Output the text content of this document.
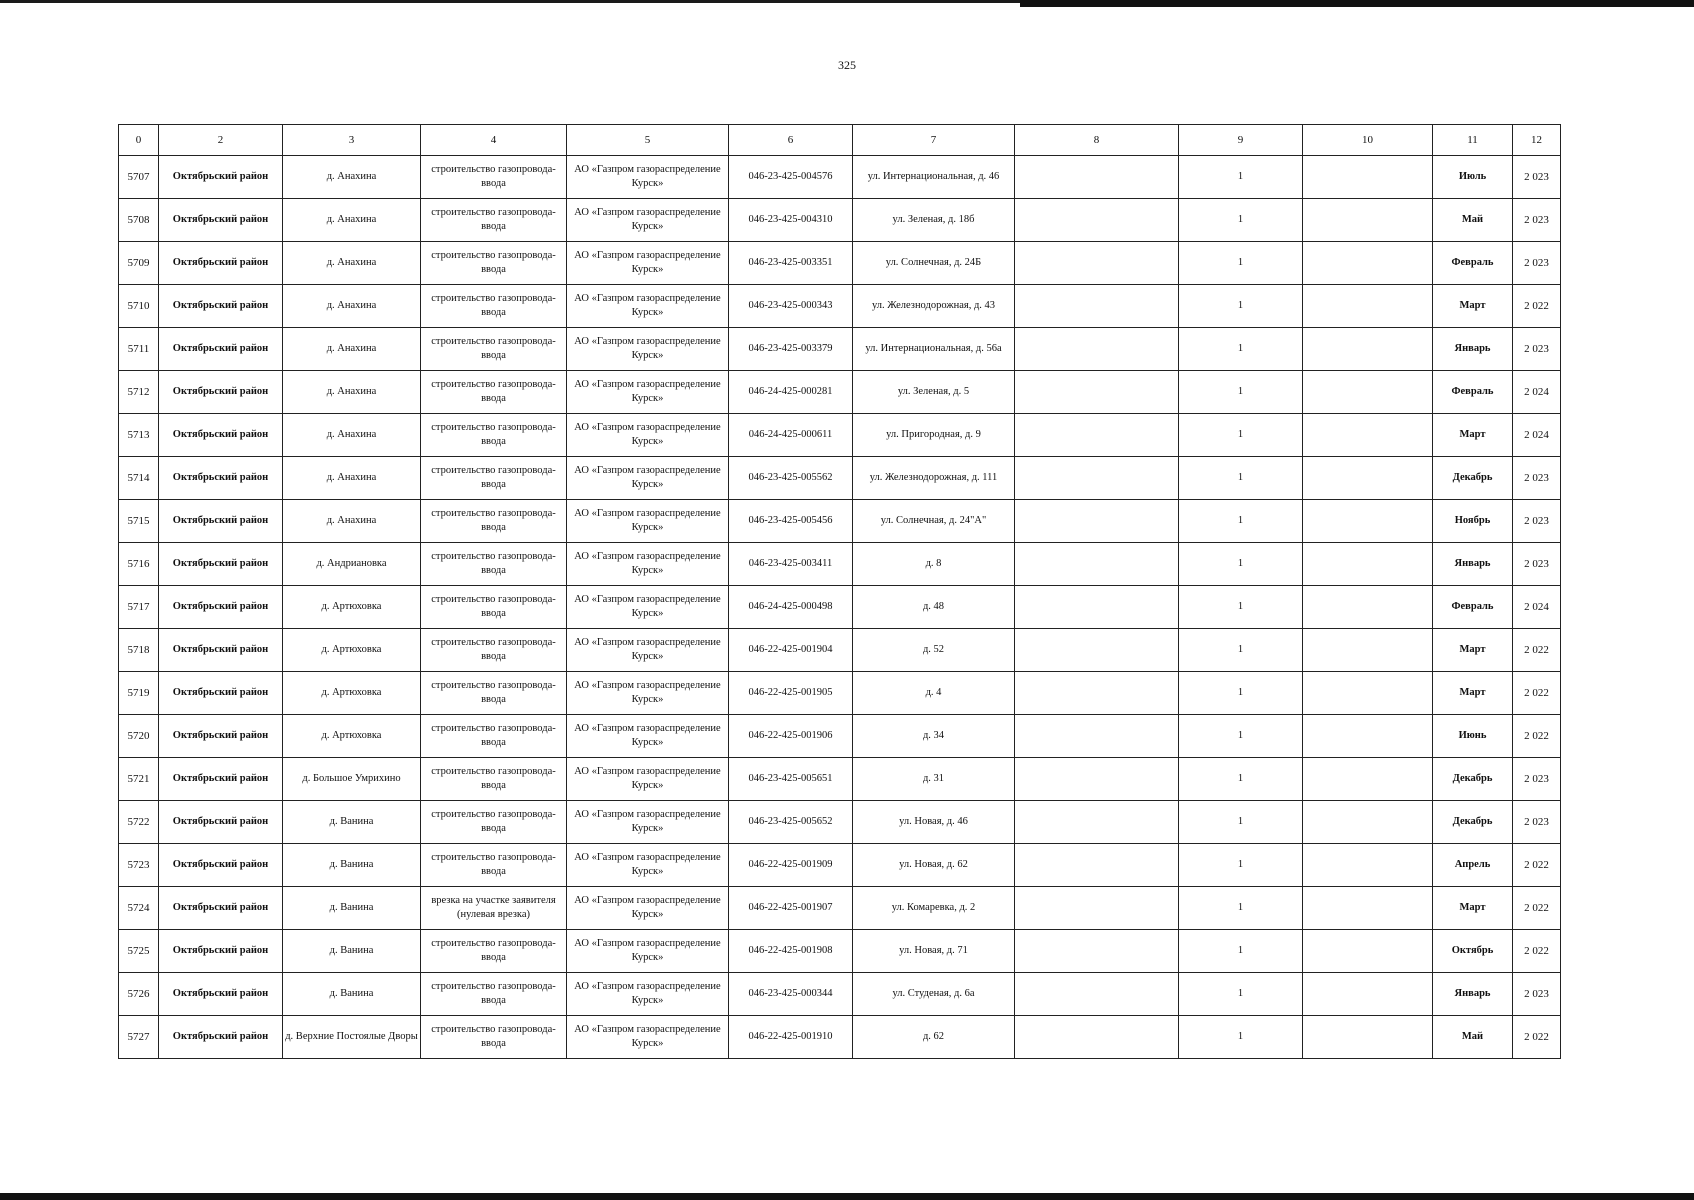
325
0	2	3	4	5	6	7	8	9	10	11	12
5707	Октябрьский район	д. Анахина	строительство газопровода-ввода	АО «Газпром газораспределение Курск»	046-23-425-004576	ул. Интернациональная, д. 46		1		Июль	2 023
5708	Октябрьский район	д. Анахина	строительство газопровода-ввода	АО «Газпром газораспределение Курск»	046-23-425-004310	ул. Зеленая, д. 18б		1		Май	2 023
5709	Октябрьский район	д. Анахина	строительство газопровода-ввода	АО «Газпром газораспределение Курск»	046-23-425-003351	ул. Солнечная, д. 24Б		1		Февраль	2 023
5710	Октябрьский район	д. Анахина	строительство газопровода-ввода	АО «Газпром газораспределение Курск»	046-23-425-000343	ул. Железнодорожная, д. 43		1		Март	2 022
5711	Октябрьский район	д. Анахина	строительство газопровода-ввода	АО «Газпром газораспределение Курск»	046-23-425-003379	ул. Интернациональная, д. 56а		1		Январь	2 023
5712	Октябрьский район	д. Анахина	строительство газопровода-ввода	АО «Газпром газораспределение Курск»	046-24-425-000281	ул. Зеленая, д. 5		1		Февраль	2 024
5713	Октябрьский район	д. Анахина	строительство газопровода-ввода	АО «Газпром газораспределение Курск»	046-24-425-000611	ул. Пригородная, д. 9		1		Март	2 024
5714	Октябрьский район	д. Анахина	строительство газопровода-ввода	АО «Газпром газораспределение Курск»	046-23-425-005562	ул. Железнодорожная, д. 111		1		Декабрь	2 023
5715	Октябрьский район	д. Анахина	строительство газопровода-ввода	АО «Газпром газораспределение Курск»	046-23-425-005456	ул. Солнечная, д. 24"А"		1		Ноябрь	2 023
5716	Октябрьский район	д. Андриановка	строительство газопровода-ввода	АО «Газпром газораспределение Курск»	046-23-425-003411	д. 8		1		Январь	2 023
5717	Октябрьский район	д. Артюховка	строительство газопровода-ввода	АО «Газпром газораспределение Курск»	046-24-425-000498	д. 48		1		Февраль	2 024
5718	Октябрьский район	д. Артюховка	строительство газопровода-ввода	АО «Газпром газораспределение Курск»	046-22-425-001904	д. 52		1		Март	2 022
5719	Октябрьский район	д. Артюховка	строительство газопровода-ввода	АО «Газпром газораспределение Курск»	046-22-425-001905	д. 4		1		Март	2 022
5720	Октябрьский район	д. Артюховка	строительство газопровода-ввода	АО «Газпром газораспределение Курск»	046-22-425-001906	д. 34		1		Июнь	2 022
5721	Октябрьский район	д. Большое Умрихино	строительство газопровода-ввода	АО «Газпром газораспределение Курск»	046-23-425-005651	д. 31		1		Декабрь	2 023
5722	Октябрьский район	д. Ванина	строительство газопровода-ввода	АО «Газпром газораспределение Курск»	046-23-425-005652	ул. Новая, д. 46		1		Декабрь	2 023
5723	Октябрьский район	д. Ванина	строительство газопровода-ввода	АО «Газпром газораспределение Курск»	046-22-425-001909	ул. Новая, д. 62		1		Апрель	2 022
5724	Октябрьский район	д. Ванина	врезка на участке заявителя (нулевая врезка)	АО «Газпром газораспределение Курск»	046-22-425-001907	ул. Комаревка, д. 2		1		Март	2 022
5725	Октябрьский район	д. Ванина	строительство газопровода-ввода	АО «Газпром газораспределение Курск»	046-22-425-001908	ул. Новая, д. 71		1		Октябрь	2 022
5726	Октябрьский район	д. Ванина	строительство газопровода-ввода	АО «Газпром газораспределение Курск»	046-23-425-000344	ул. Студеная, д. 6а		1		Январь	2 023
5727	Октябрьский район	д. Верхние Постоялые Дворы	строительство газопровода-ввода	АО «Газпром газораспределение Курск»	046-22-425-001910	д. 62		1		Май	2 022
